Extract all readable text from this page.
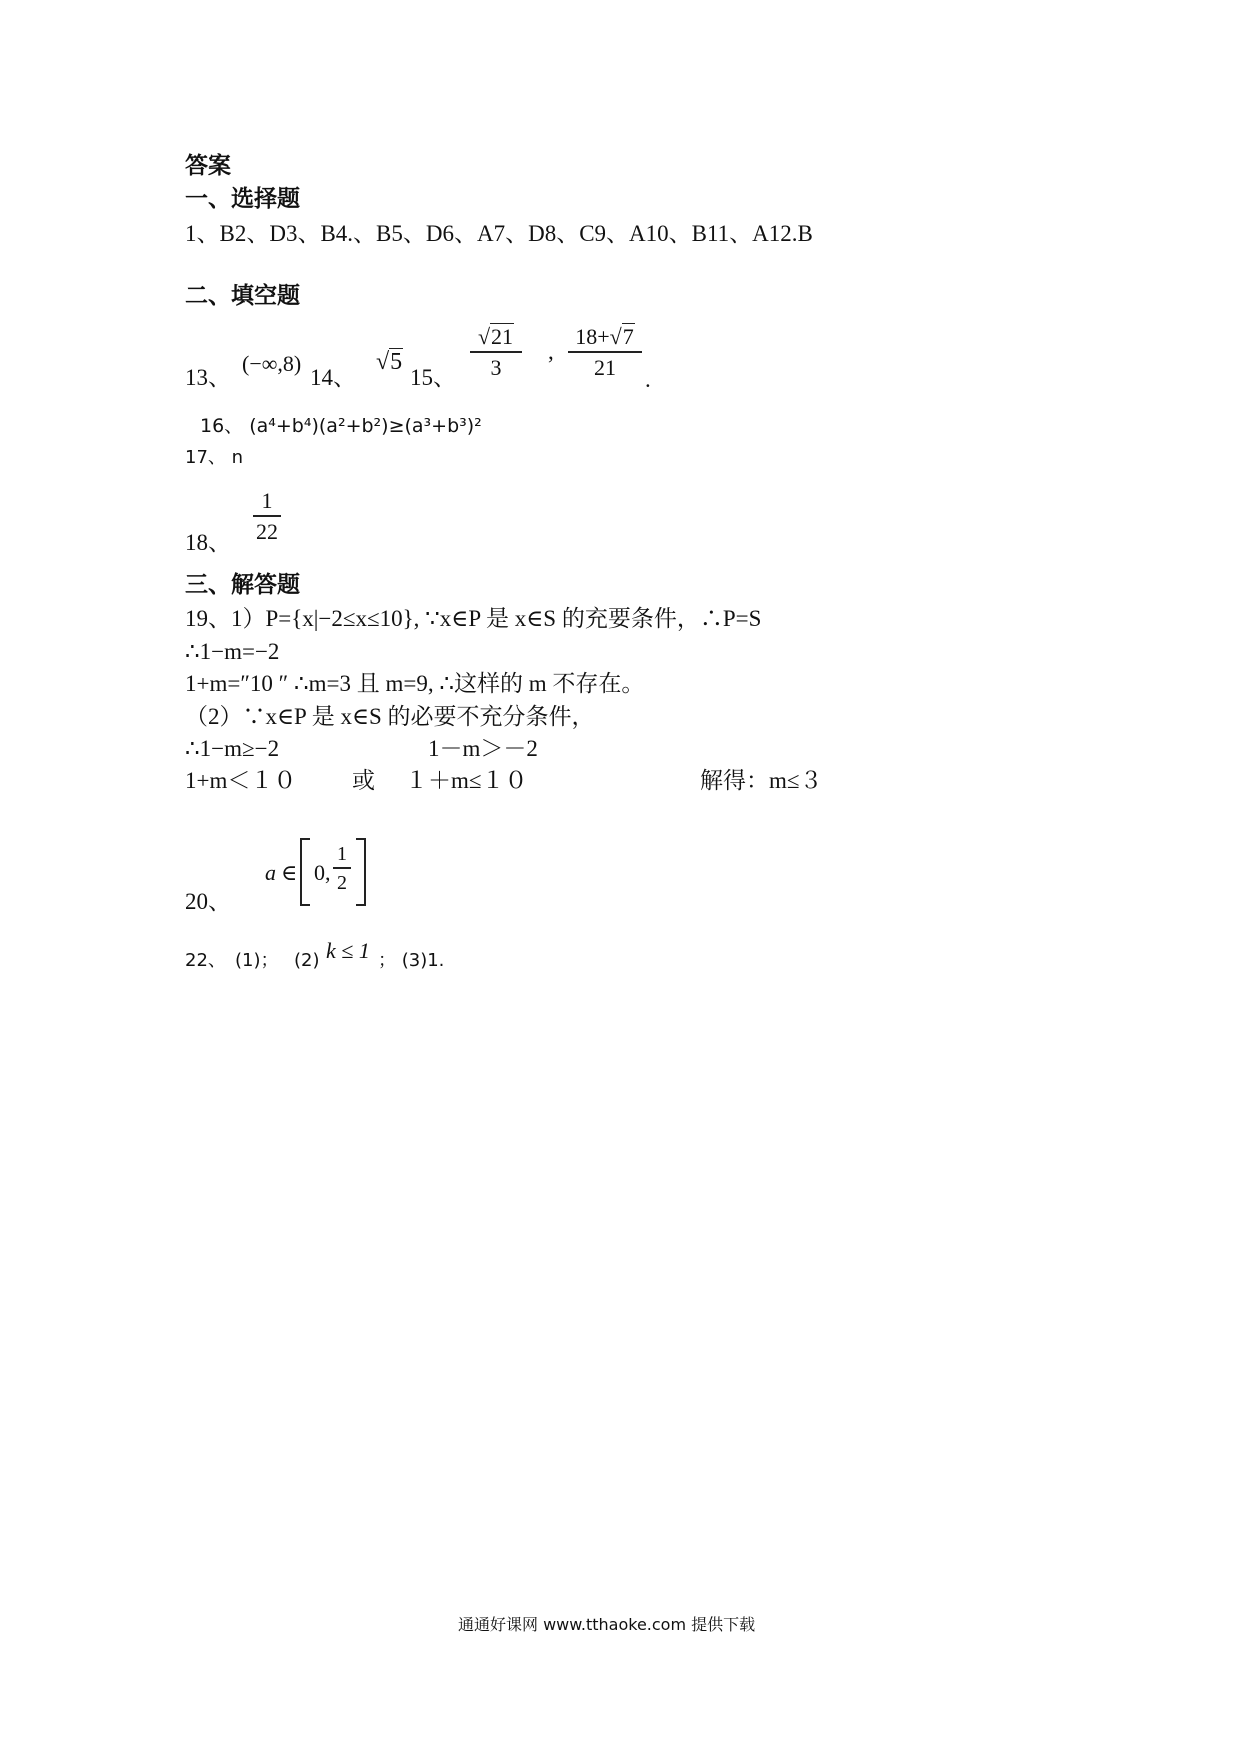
答案
一、选择题
1、B2、D3、B4.、B5、D6、A7、D8、C9、A10、B11、A12.B
二、填空题
13、
(−∞,8)
14、
√5
15、
√21
3
,
18+√7
21	.
16、 (a⁴+b⁴)(a²+b²)≥(a³+b³)²
17、 n
18、
1
22
三、解答题
19、1）P={x|−2≤x≤10}, ∵x∈P 是 x∈S 的充要条件，∴P=S
∴1−m=−2
1+m=″10 ″ ∴m=3 且 m=9, ∴这样的 m 不存在。
（2）∵x∈P 是 x∈S 的必要不充分条件，
∴1−m≥−2	1－m＞－2
1+m＜１０ 或 １＋m≤１０	解得：m≤３
20、
a ∈ 0,
1
2
22、 (1)； (2) k ≤ 1 ； (3)1.
通通好课网 www.tthaoke.com 提供下载
